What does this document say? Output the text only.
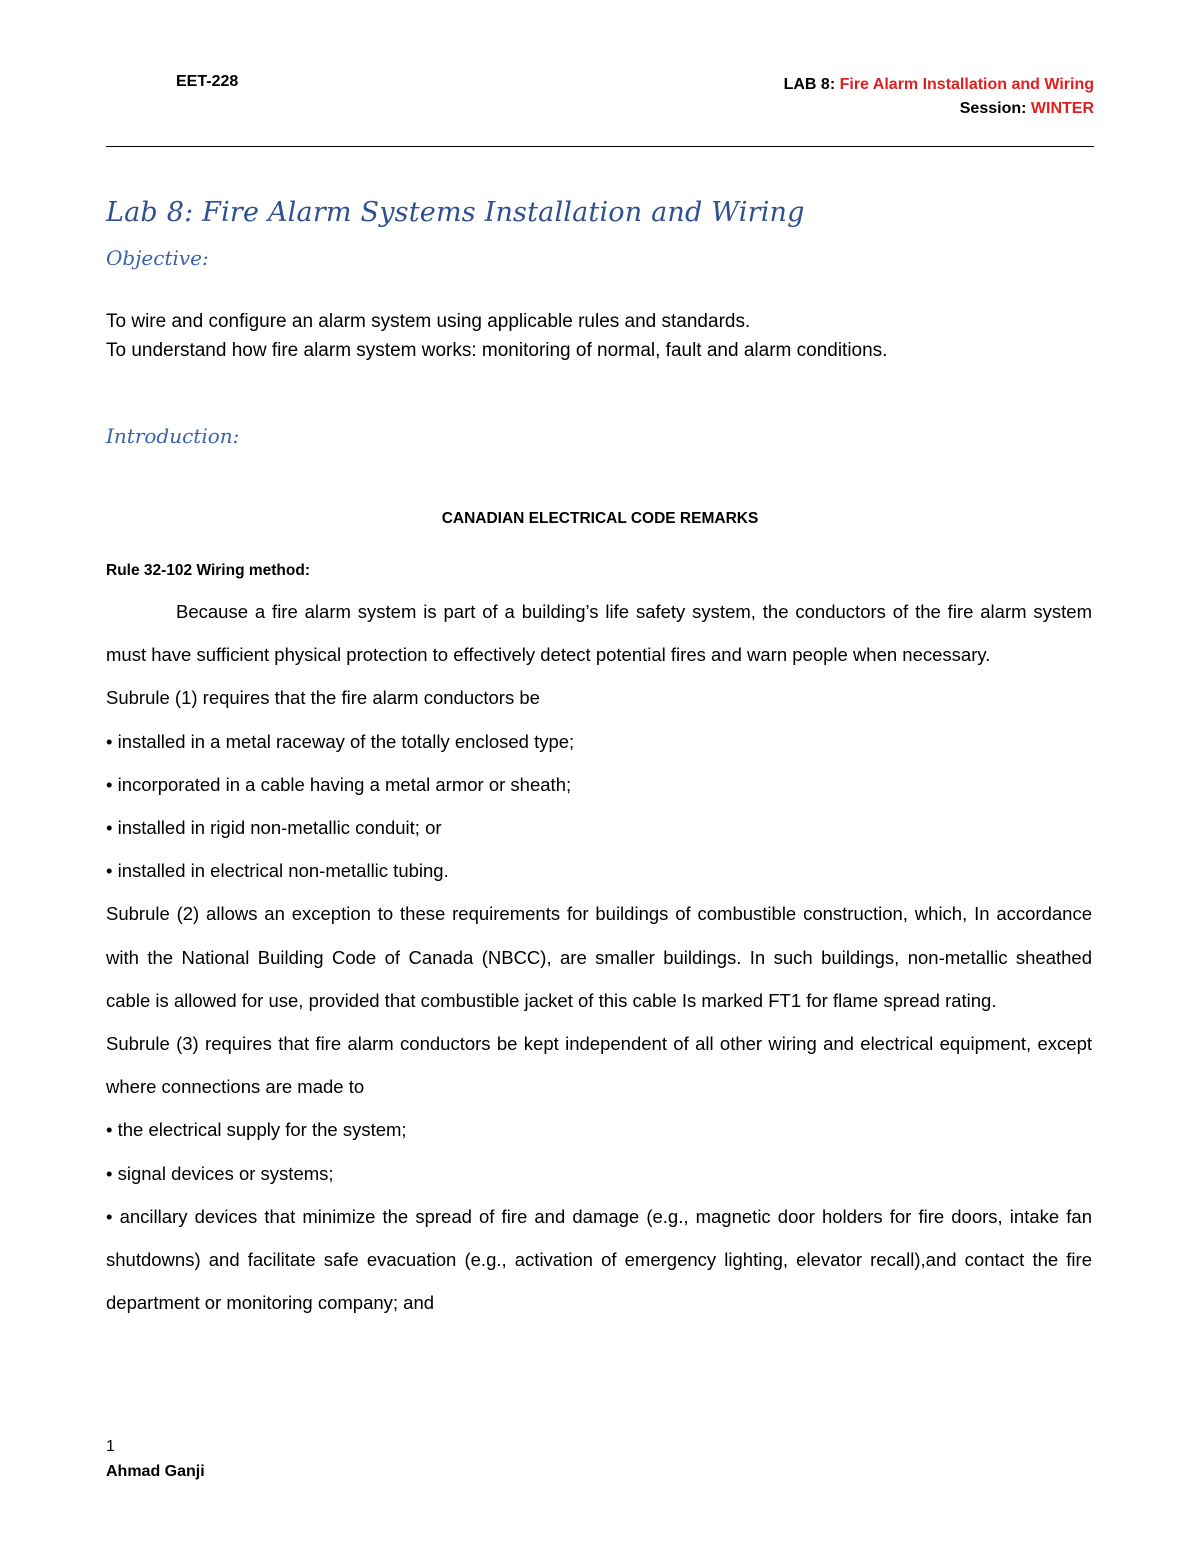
EET-228	LAB 8: Fire Alarm Installation and Wiring
Session: WINTER
Lab 8: Fire Alarm Systems Installation and Wiring
Objective:
To wire and configure an alarm system using applicable rules and standards.
To understand how fire alarm system works: monitoring of normal, fault and alarm conditions.
Introduction:
CANADIAN ELECTRICAL CODE REMARKS
Rule 32-102 Wiring method:

Because a fire alarm system is part of a building’s life safety system, the conductors of the fire alarm system must have sufficient physical protection to effectively detect potential fires and warn people when necessary.

Subrule (1) requires that the fire alarm conductors be

• installed in a metal raceway of the totally enclosed type;

• incorporated in a cable having a metal armor or sheath;

• installed in rigid non-metallic conduit; or

• installed in electrical non-metallic tubing.

Subrule (2) allows an exception to these requirements for buildings of combustible construction, which, In accordance with the National Building Code of Canada (NBCC), are smaller buildings. In such buildings, non-metallic sheathed cable is allowed for use, provided that combustible jacket of this cable Is marked FT1 for flame spread rating.

Subrule (3) requires that fire alarm conductors be kept independent of all other wiring and electrical equipment, except where connections are made to

• the electrical supply for the system;

• signal devices or systems;

• ancillary devices that minimize the spread of fire and damage (e.g., magnetic door holders for fire doors, intake fan shutdowns) and facilitate safe evacuation (e.g., activation of emergency lighting, elevator recall),and contact the fire department or monitoring company; and

1
Ahmad Ganji
